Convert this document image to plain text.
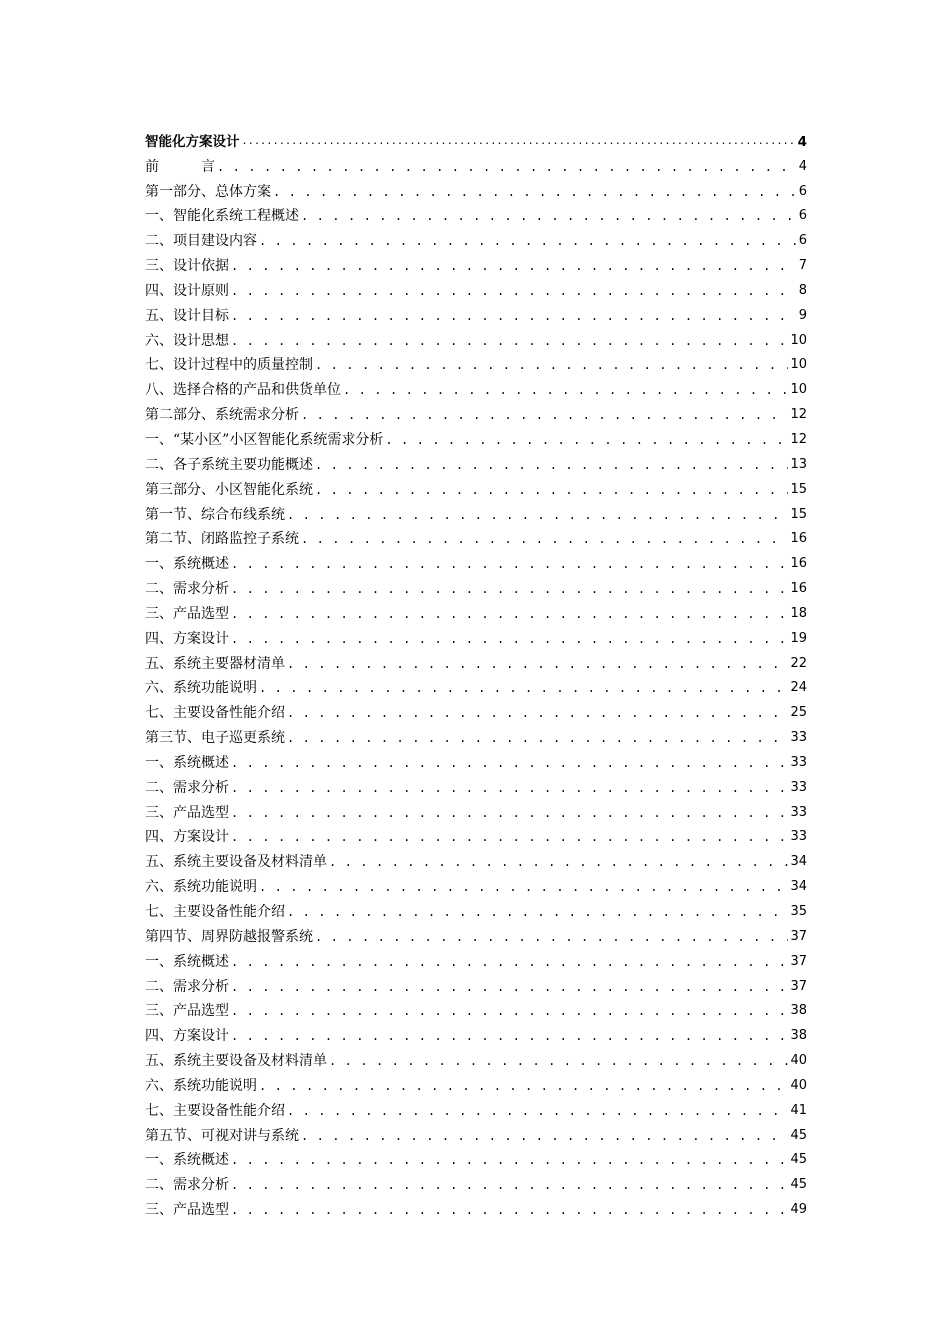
智能化方案设计 .....	4
前　　　言 . . .	4
第一部分、总体方案 . . .	6
一、智能化系统工程概述 . . .	6
二、项目建设内容 . . .	6
三、设计依据 . . .	7
四、设计原则 . . .	8
五、设计目标 . . .	9
六、设计思想 . . .	10
七、设计过程中的质量控制 . . .	10
八、选择合格的产品和供货单位 . . .	10
第二部分、系统需求分析 . . .	12
一、“某小区”小区智能化系统需求分析 . . .	12
二、各子系统主要功能概述 . . .	13
第三部分、小区智能化系统 . . .	15
第一节、综合布线系统 . . .	15
第二节、闭路监控子系统 . . .	16
一、系统概述 . . .	16
二、需求分析 . . .	16
三、产品选型 . . .	18
四、方案设计 . . .	19
五、系统主要器材清单 . . .	22
六、系统功能说明 . . .	24
七、主要设备性能介绍 . . .	25
第三节、电子巡更系统 . . .	33
一、系统概述 . . .	33
二、需求分析 . . .	33
三、产品选型 . . .	33
四、方案设计 . . .	33
五、系统主要设备及材料清单 . . .	34
六、系统功能说明 . . .	34
七、主要设备性能介绍 . . .	35
第四节、周界防越报警系统 . . .	37
一、系统概述 . . .	37
二、需求分析 . . .	37
三、产品选型 . . .	38
四、方案设计 . . .	38
五、系统主要设备及材料清单 . . .	40
六、系统功能说明 . . .	40
七、主要设备性能介绍 . . .	41
第五节、可视对讲与系统 . . .	45
一、系统概述 . . .	45
二、需求分析 . . .	45
三、产品选型 . . .	49
